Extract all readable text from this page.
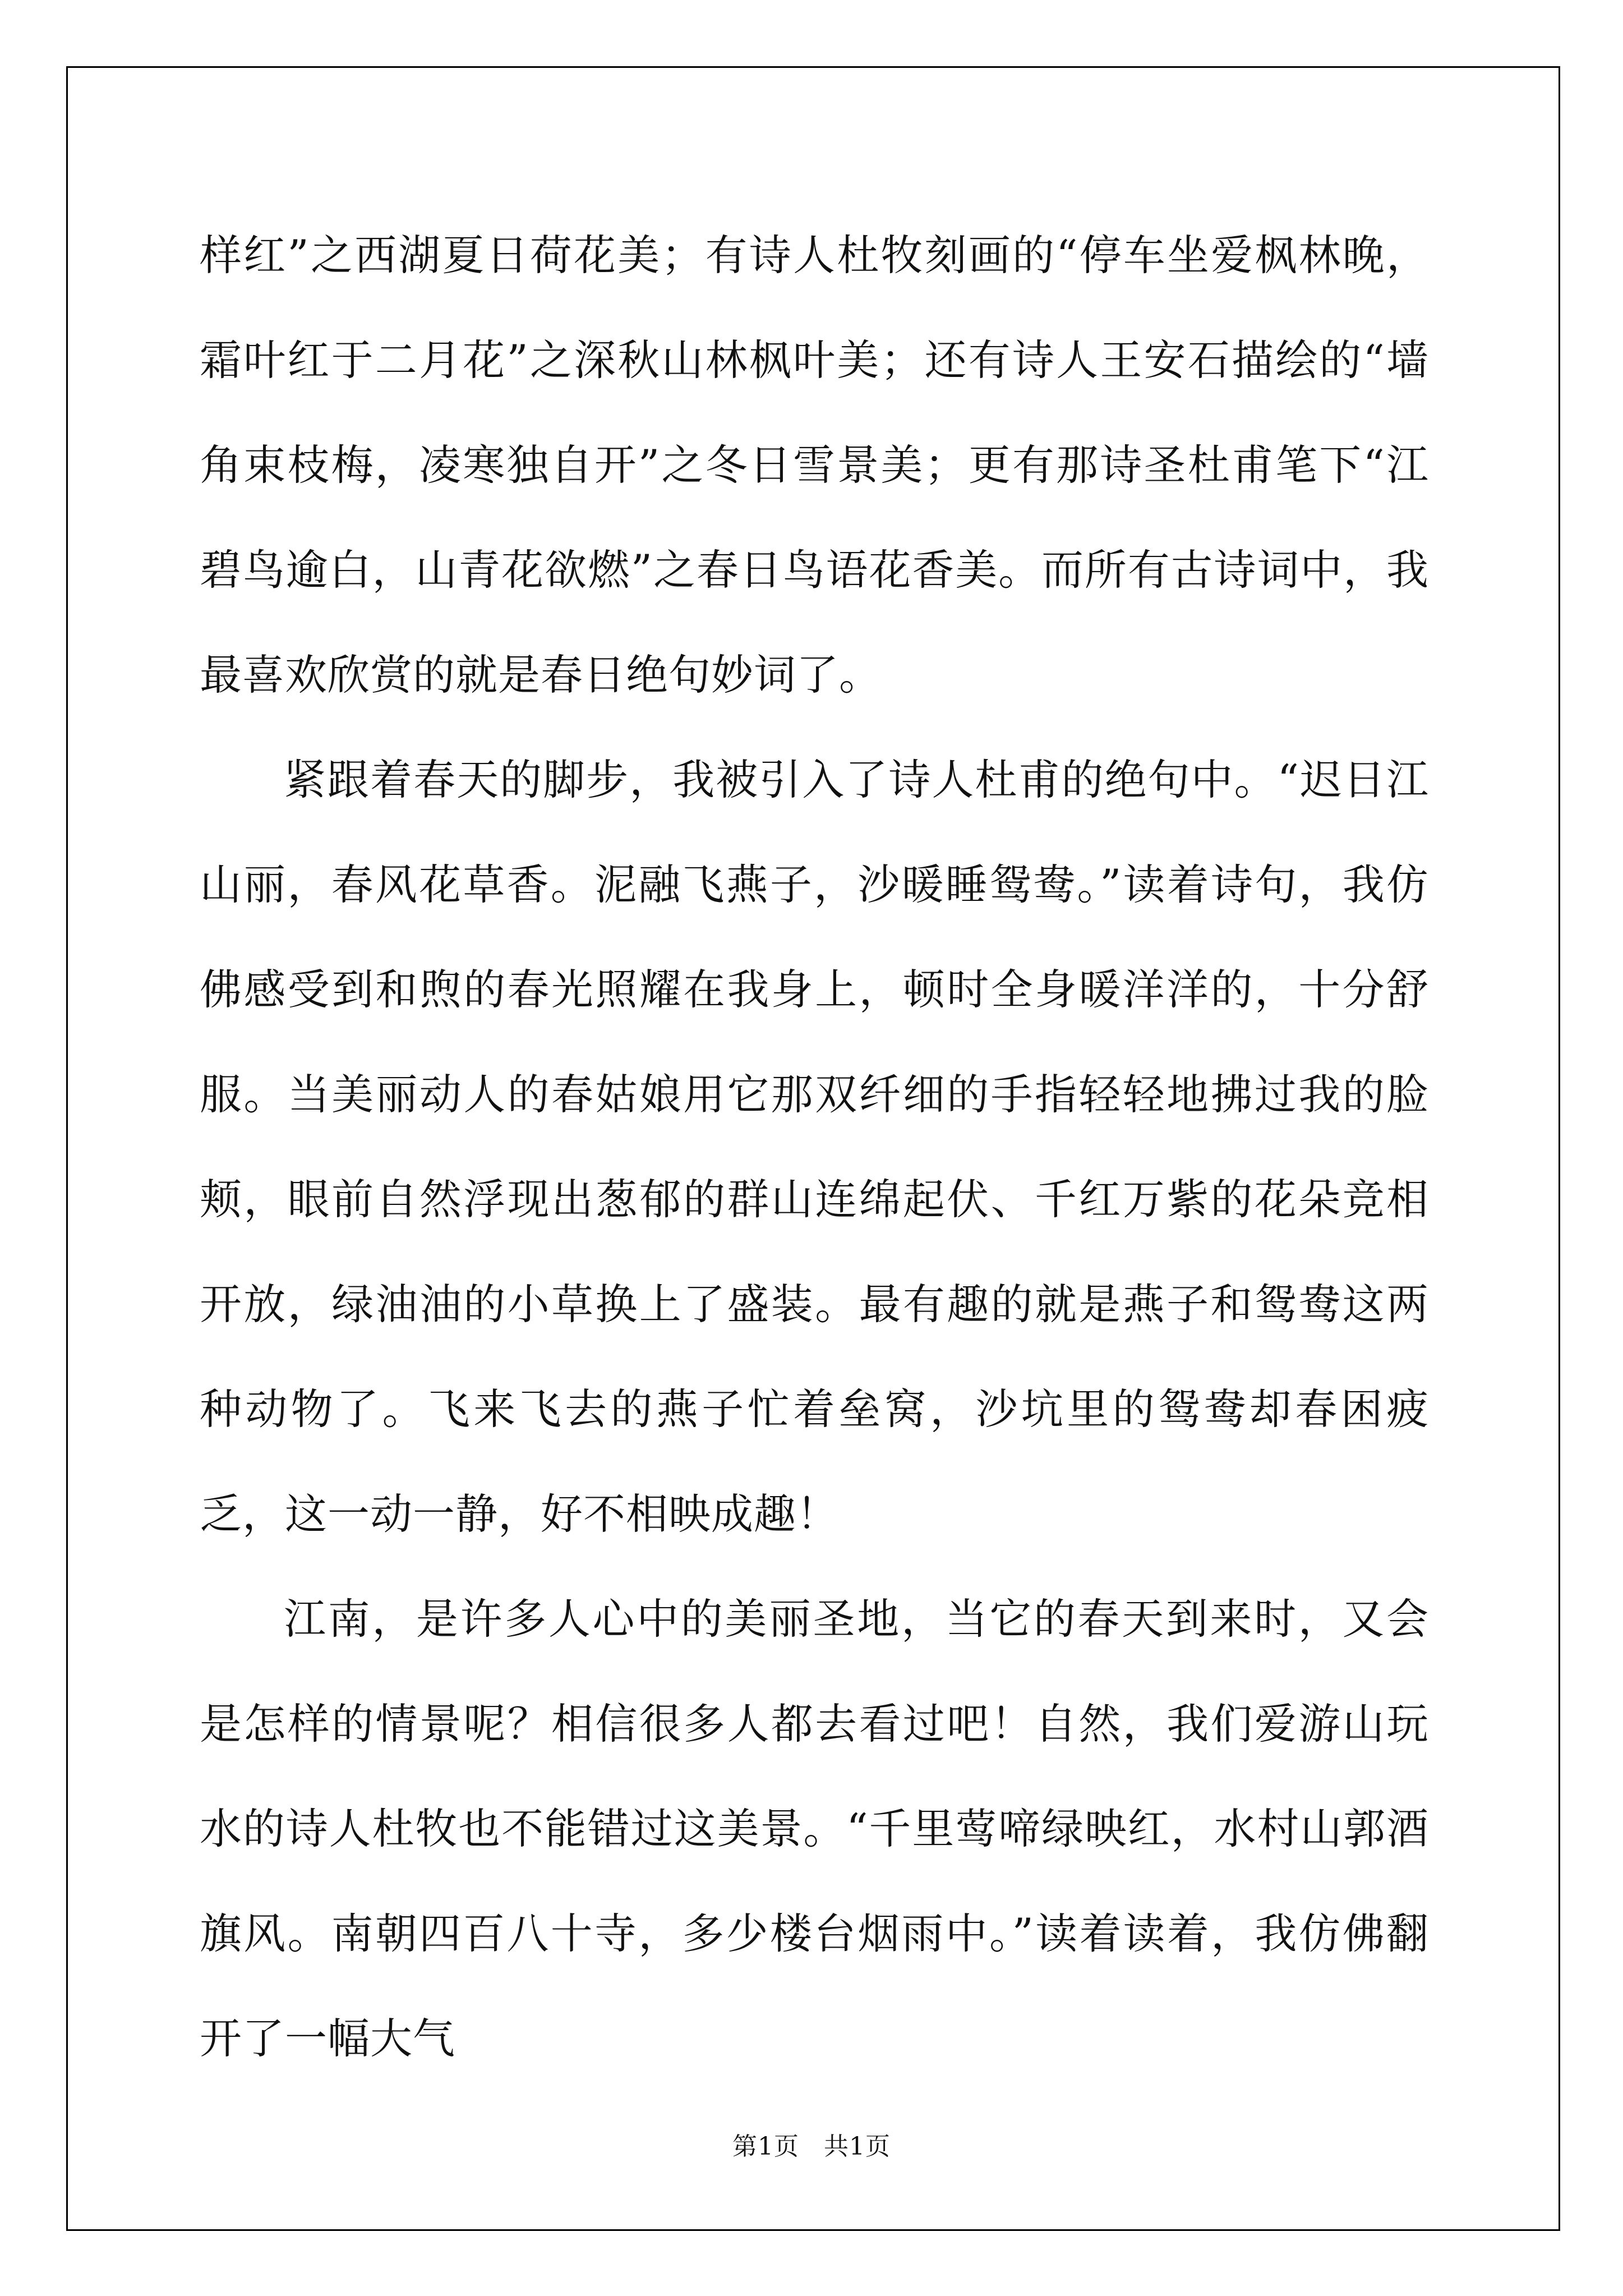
样红”之西湖夏日荷花美；有诗人杜牧刻画的“停车坐爱枫林晚，霜叶红于二月花”之深秋山林枫叶美；还有诗人王安石描绘的“墙角束枝梅，凌寒独自开”之冬日雪景美；更有那诗圣杜甫笔下“江碧鸟逾白，山青花欲燃”之春日鸟语花香美。而所有古诗词中，我最喜欢欣赏的就是春日绝句妙词了。

紧跟着春天的脚步，我被引入了诗人杜甫的绝句中。“迟日江山丽，春风花草香。泥融飞燕子，沙暖睡鸳鸯。”读着诗句，我仿佛感受到和煦的春光照耀在我身上，顿时全身暖洋洋的，十分舒服。当美丽动人的春姑娘用它那双纤细的手指轻轻地拂过我的脸颊，眼前自然浮现出葱郁的群山连绵起伏、千红万紫的花朵竞相开放，绿油油的小草换上了盛装。最有趣的就是燕子和鸳鸯这两种动物了。飞来飞去的燕子忙着垒窝，沙坑里的鸳鸯却春困疲乏，这一动一静，好不相映成趣！

江南，是许多人心中的美丽圣地，当它的春天到来时，又会是怎样的情景呢？相信很多人都去看过吧！自然，我们爱游山玩水的诗人杜牧也不能错过这美景。“千里莺啼绿映红，水村山郭酒旗风。南朝四百八十寺，多少楼台烟雨中。”读着读着，我仿佛翻开了一幅大气

第1页 共1页
